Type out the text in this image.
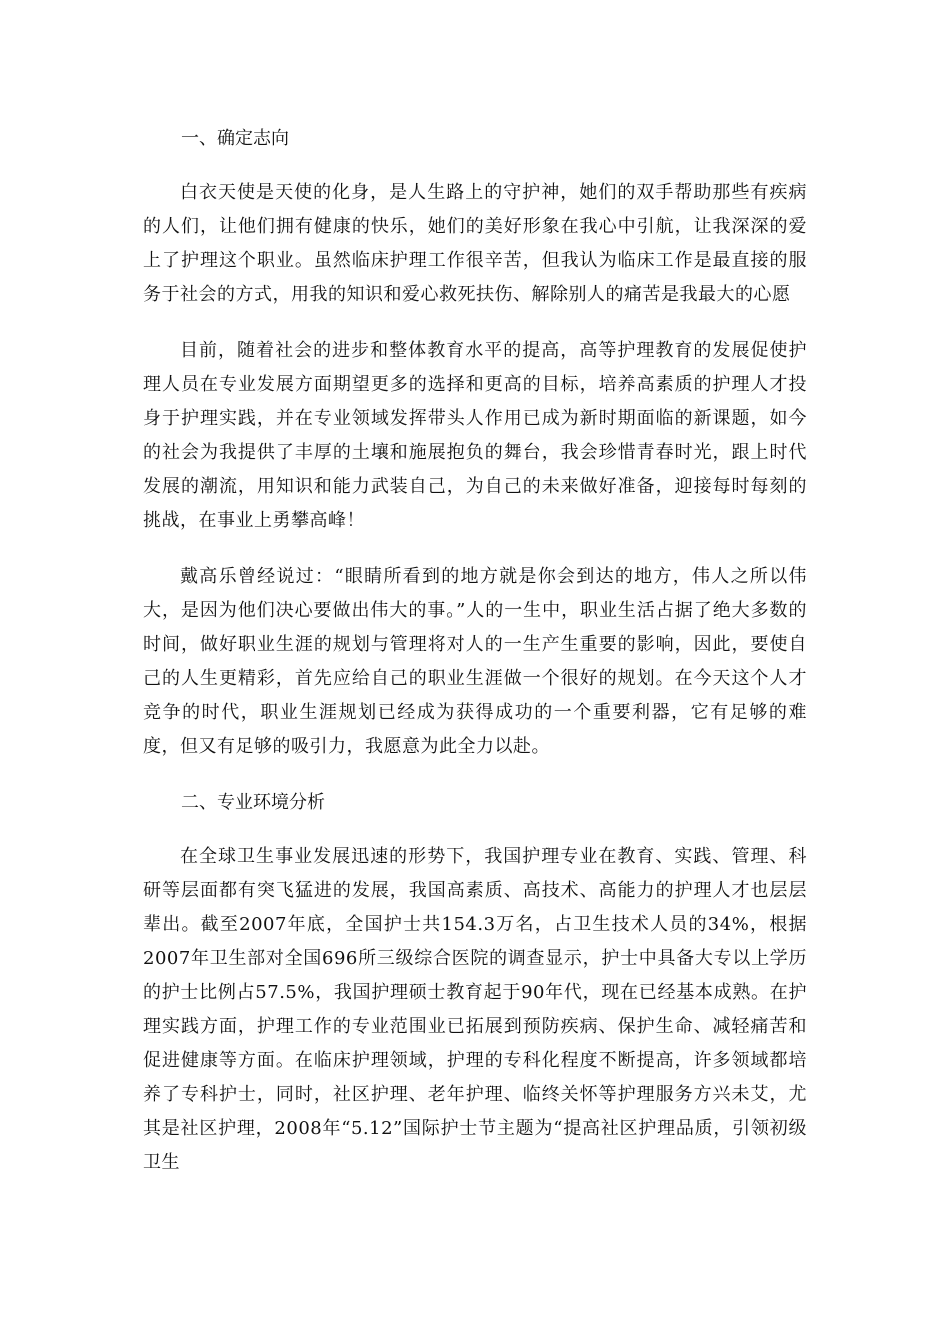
一、确定志向

白衣天使是天使的化身，是人生路上的守护神，她们的双手帮助那些有疾病的人们，让他们拥有健康的快乐，她们的美好形象在我心中引航，让我深深的爱上了护理这个职业。虽然临床护理工作很辛苦，但我认为临床工作是最直接的服务于社会的方式，用我的知识和爱心救死扶伤、解除别人的痛苦是我最大的心愿

目前，随着社会的进步和整体教育水平的提高，高等护理教育的发展促使护理人员在专业发展方面期望更多的选择和更高的目标，培养高素质的护理人才投身于护理实践，并在专业领域发挥带头人作用已成为新时期面临的新课题，如今的社会为我提供了丰厚的土壤和施展抱负的舞台，我会珍惜青春时光，跟上时代发展的潮流，用知识和能力武装自己，为自己的未来做好准备，迎接每时每刻的挑战，在事业上勇攀高峰！

戴高乐曾经说过：“眼睛所看到的地方就是你会到达的地方，伟人之所以伟大，是因为他们决心要做出伟大的事。”人的一生中，职业生活占据了绝大多数的时间，做好职业生涯的规划与管理将对人的一生产生重要的影响，因此，要使自己的人生更精彩，首先应给自己的职业生涯做一个很好的规划。在今天这个人才竞争的时代，职业生涯规划已经成为获得成功的一个重要利器，它有足够的难度，但又有足够的吸引力，我愿意为此全力以赴。

二、专业环境分析

在全球卫生事业发展迅速的形势下，我国护理专业在教育、实践、管理、科研等层面都有突飞猛进的发展，我国高素质、高技术、高能力的护理人才也层层辈出。截至2007年底，全国护士共154.3万名，占卫生技术人员的34%，根据2007年卫生部对全国696所三级综合医院的调查显示，护士中具备大专以上学历的护士比例占57.5%，我国护理硕士教育起于90年代，现在已经基本成熟。在护理实践方面，护理工作的专业范围业已拓展到预防疾病、保护生命、减轻痛苦和促进健康等方面。在临床护理领域，护理的专科化程度不断提高，许多领域都培养了专科护士，同时，社区护理、老年护理、临终关怀等护理服务方兴未艾，尤其是社区护理，2008年“5.12”国际护士节主题为“提高社区护理品质，引领初级卫生
